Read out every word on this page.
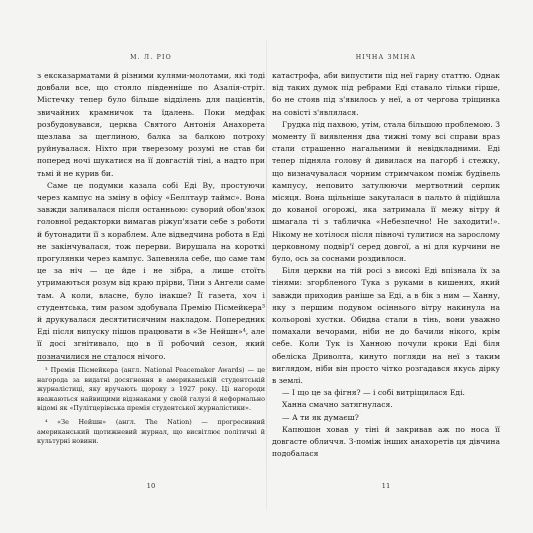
М. Л. РІО

з ексказарматами й різними кулями-молотами, які тоді довбали все, що стояло південніше по Азалія-стріт. Містечку тепер було більше відділень для пацієнтів, звичайних крамничок та їдалень. Поки медфак розбудовувався, церква Святого Антонія Анахорета щезлава за щеглиною, балка за балкою потроху руйнувалася. Ніхто при тверезому розумі не став би поперед ночі шукатися на її довгастій тіні, а надто при тьмі й не курив би.

Саме це подумки казала собі Еді Ву, простуючи через кампус на зміну в офісу «Беллтаур таймс». Вона завжди заливалася після останньою: суворий обов'язок головної редакторки вимагав ріжуп'язати себе з роботи й бутонадити її з кораблем. Але відведчина робота в Еді не закінчувалася, тож перерви. Вирушала на короткі прогулянки через кампус. Запевняла себе, що саме там це за ніч — це йде і не зібра, а лише стоїть утримаються розум від краю прірви, Тіни з Ангели саме там. А коли, власне, було інакше? Її газета, хоч і студентська, тим разом здобувала Премію Пісмейкера³ й друкувалася десятитисячним накладом. Попередник Еді після випуску пішов працювати в «Зе Нейшн»⁴, але її досі згнітивало, що в її робочий сезон, який позначилися не сталося нічого.

³ Премія Пісмейкера (англ. National Peacemaker Awards) — це нагорода за видатні досягнення в американській студентській журналістиці, яку вручають щороку з 1927 року. Ці нагороди вважаються найвищими відзнаками у своїй галузі й неформально відомі як «Пулітцерівська премія студентської журналістики».

⁴ «Зе Нейшн» (англ. The Nation) — прогресивний американський щотижневий журнал, що висвітлює політичні й культурні новини.

10
НІЧНА ЗМІНА

катастрофа, аби випустити під неї гарну статтю. Однак від таких думок під ребрами Еді ставало тільки гірше, бо не стояв під з'явилось у неї, а от чергова тріщинка на совісті з'являлася.

Грудка під пахвою, утім, стала більшою проблемою. З моменту її виявлення два тижні тому всі справи враз стали страшенно нагальними й невідкладними. Еді тепер підняла голову й дивилася на пагорб і стежку, що визначувалася чорним стримчаком поміж будівель кампусу, неповито затулюючи мертвотний серпик місяця. Вона щільніше закуталася в пальто й підійшла до кованої огорожі, яка затримала її межу вітру й шмагала ті з табличка «Небезпечно! Не заходити!». Нікому не хотілося після півночі тулитися на зарослому церковному подвір'ї серед довгої, а ні для курчини не було, ось за соснами роздивлося.

Біля церкви на тій росі з високі Еді впізнала їх за тінями: згорбленого Тука з руками в кишенях, який завжди приходив раніше за Еді, а в бік з ним — Ханну, яку з першим подувом осіннього вітру накинула на кольорові хустки. Обидва стали в тінь, вони уважно помахали вечорами, ніби не до бачили нікого, крім себе. Коли Тук із Ханною почули кроки Еді біля обеліска Дриволта, кинуто погляди на неї з таким виглядом, ніби він просто чітко розгадався якусь дірку в землі.

— І що це за фігня? — і собі витріщилася Еді.

Ханна смачно затягнулася.

— А ти як думаєш?

Капюшон ховав у тіні й закривав аж по носа її довгасте обличчя. З-поміж інших анахоретів ця дівчина подобалася

11
